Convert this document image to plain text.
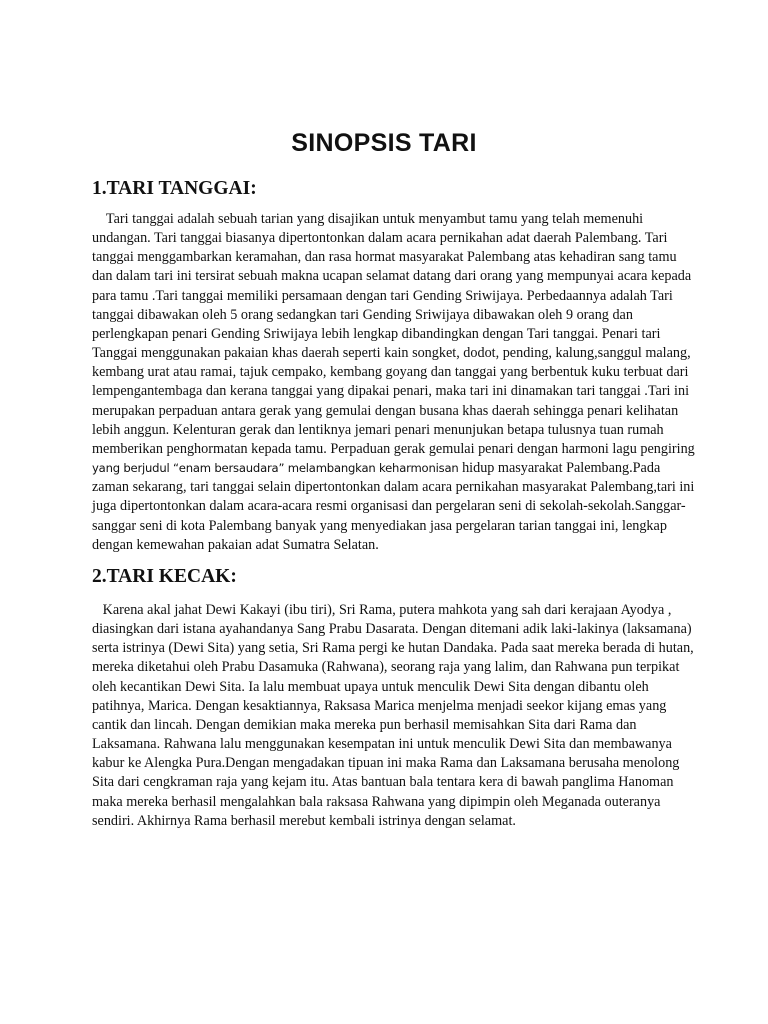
SINOPSIS TARI
1.TARI TANGGAI:
Tari tanggai adalah sebuah tarian yang disajikan untuk menyambut tamu yang telah memenuhi
undangan. Tari tanggai biasanya dipertontonkan dalam acara pernikahan adat daerah Palembang. Tari
tanggai menggambarkan keramahan, dan rasa hormat masyarakat Palembang atas kehadiran sang tamu
dan dalam tari ini tersirat sebuah makna ucapan selamat datang dari orang yang mempunyai acara kepada
para tamu .Tari tanggai memiliki persamaan dengan tari Gending Sriwijaya. Perbedaannya adalah Tari
tanggai dibawakan oleh 5 orang sedangkan tari Gending Sriwijaya dibawakan oleh 9 orang dan
perlengkapan penari Gending Sriwijaya lebih lengkap dibandingkan dengan Tari tanggai. Penari tari
Tanggai menggunakan pakaian khas daerah seperti kain songket, dodot, pending, kalung,sanggul malang,
kembang urat atau ramai, tajuk cempako, kembang goyang dan tanggai yang berbentuk kuku terbuat dari
lempengantembaga dan kerana tanggai yang dipakai penari, maka tari ini dinamakan tari tanggai .Tari ini
merupakan perpaduan antara gerak yang gemulai dengan busana khas daerah sehingga penari kelihatan
lebih anggun. Kelenturan gerak dan lentiknya jemari penari menunjukan betapa tulusnya tuan rumah
memberikan penghormatan kepada tamu. Perpaduan gerak gemulai penari dengan harmoni lagu pengiring
yang berjudul “enam bersaudara” melambangkan keharmonisan hidup masyarakat Palembang.Pada
zaman sekarang, tari tanggai selain dipertontonkan dalam acara pernikahan masyarakat Palembang,tari ini
juga dipertontonkan dalam acara-acara resmi organisasi dan pergelaran seni di sekolah-sekolah.Sanggar-
sanggar seni di kota Palembang banyak yang menyediakan jasa pergelaran tarian tanggai ini, lengkap
dengan kemewahan pakaian adat Sumatra Selatan.
2.TARI KECAK:
Karena akal jahat Dewi Kakayi (ibu tiri), Sri Rama, putera mahkota yang sah dari kerajaan Ayodya ,
diasingkan dari istana ayahandanya Sang Prabu Dasarata. Dengan ditemani adik laki-lakinya (laksamana)
serta istrinya (Dewi Sita) yang setia, Sri Rama pergi ke hutan Dandaka. Pada saat mereka berada di hutan,
mereka diketahui oleh Prabu Dasamuka (Rahwana), seorang raja yang lalim, dan Rahwana pun terpikat
oleh kecantikan Dewi Sita. Ia lalu membuat upaya untuk menculik Dewi Sita dengan dibantu oleh
patihnya, Marica. Dengan kesaktiannya, Raksasa Marica menjelma menjadi seekor kijang emas yang
cantik dan lincah. Dengan demikian maka mereka pun berhasil memisahkan Sita dari Rama dan
Laksamana. Rahwana lalu menggunakan kesempatan ini untuk menculik Dewi Sita dan membawanya
kabur ke Alengka Pura.Dengan mengadakan tipuan ini maka Rama dan Laksamana berusaha menolong
Sita dari cengkraman raja yang kejam itu. Atas bantuan bala tentara kera di bawah panglima Hanoman
maka mereka berhasil mengalahkan bala raksasa Rahwana yang dipimpin oleh Meganada outeranya
sendiri. Akhirnya Rama berhasil merebut kembali istrinya dengan selamat.
